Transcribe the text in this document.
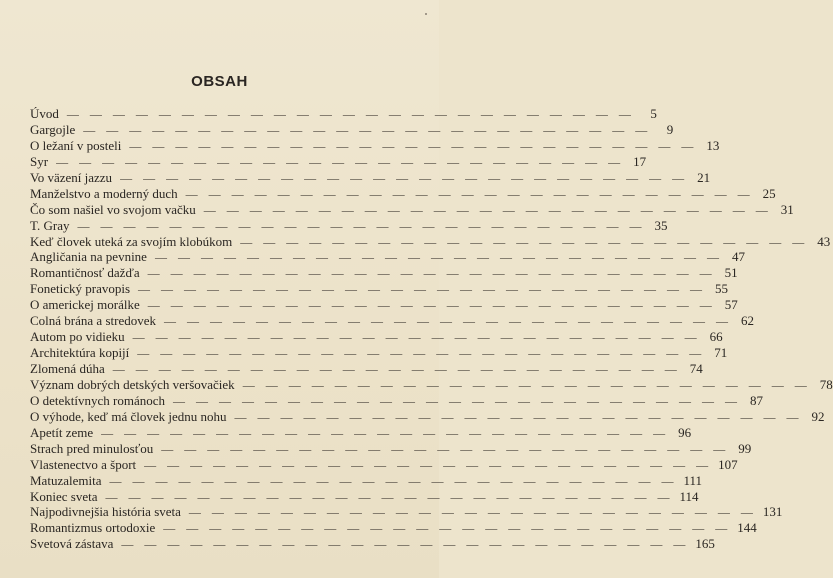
OBSAH
Úvod — — — — — — — — — — — — — — — — — — — — — — — — —	5
Gargojle — — — — — — — — — — — — — — — — — — — — — — — — —	9
O ležaní v posteli — — — — — — — — — — — — — — — — — — — — — — — — — 13
Syr — — — — — — — — — — — — — — — — — — — — — — — — — 17
Vo väzení jazzu — — — — — — — — — — — — — — — — — — — — — — — — — 21
Manželstvo a moderný duch — — — — — — — — — — — — — — — — — — — — — — — — — 25
Čo som našiel vo svojom vačku — — — — — — — — — — — — — — — — — — — — — — — — — 31
T. Gray — — — — — — — — — — — — — — — — — — — — — — — — — 35
Keď človek uteká za svojím klobúkom — — — — — — — — — — — — — — — — — — — — — — — — — 43
Angličania na pevnine — — — — — — — — — — — — — — — — — — — — — — — — — 47
Romantičnosť dažďa — — — — — — — — — — — — — — — — — — — — — — — — — 51
Fonetický pravopis — — — — — — — — — — — — — — — — — — — — — — — — — 55
O americkej morálke — — — — — — — — — — — — — — — — — — — — — — — — — 57
Colná brána a stredovek — — — — — — — — — — — — — — — — — — — — — — — — — 62
Autom po vidieku — — — — — — — — — — — — — — — — — — — — — — — — — 66
Architektúra kopijí — — — — — — — — — — — — — — — — — — — — — — — — — 71
Zlomená dúha — — — — — — — — — — — — — — — — — — — — — — — — — 74
Význam dobrých detských veršovačiek — — — — — — — — — — — — — — — — — — — — — — — — — 78
O detektívnych románoch — — — — — — — — — — — — — — — — — — — — — — — — — 87
O výhode, keď má človek jednu nohu — — — — — — — — — — — — — — — — — — — — — — — — — 92
Apetít zeme — — — — — — — — — — — — — — — — — — — — — — — — — 96
Strach pred minulosťou — — — — — — — — — — — — — — — — — — — — — — — — — 99
Vlastenectvo a šport — — — — — — — — — — — — — — — — — — — — — — — — — 107
Matuzalemita — — — — — — — — — — — — — — — — — — — — — — — — — 111
Koniec sveta — — — — — — — — — — — — — — — — — — — — — — — — — 114
Najpodivnejšia história sveta — — — — — — — — — — — — — — — — — — — — — — — — — 131
Romantizmus ortodoxie — — — — — — — — — — — — — — — — — — — — — — — — — 144
Svetová zástava — — — — — — — — — — — — — — — — — — — — — — — — — 165
